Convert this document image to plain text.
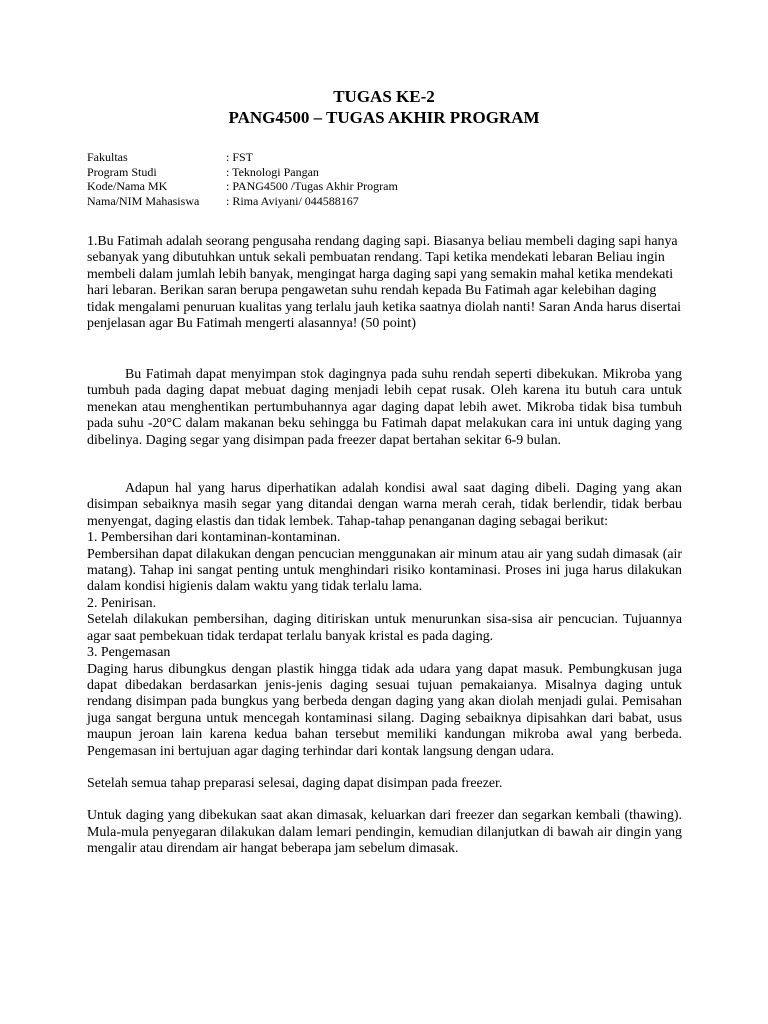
TUGAS KE-2
PANG4500 – TUGAS AKHIR PROGRAM
Fakultas	: FST
Program Studi	: Teknologi Pangan
Kode/Nama MK	: PANG4500 /Tugas Akhir Program
Nama/NIM Mahasiswa	: Rima Aviyani/ 044588167

1.Bu Fatimah adalah seorang pengusaha rendang daging sapi. Biasanya beliau membeli daging sapi hanya sebanyak yang dibutuhkan untuk sekali pembuatan rendang. Tapi ketika mendekati lebaran Beliau ingin membeli dalam jumlah lebih banyak, mengingat harga daging sapi yang semakin mahal ketika mendekati hari lebaran. Berikan saran berupa pengawetan suhu rendah kepada Bu Fatimah agar kelebihan daging tidak mengalami penuruan kualitas yang terlalu jauh ketika saatnya diolah nanti! Saran Anda harus disertai penjelasan agar Bu Fatimah mengerti alasannya! (50 point)

Bu Fatimah dapat menyimpan stok dagingnya pada suhu rendah seperti dibekukan. Mikroba yang tumbuh pada daging dapat mebuat daging menjadi lebih cepat rusak. Oleh karena itu butuh cara untuk menekan atau menghentikan pertumbuhannya agar daging dapat lebih awet. Mikroba tidak bisa tumbuh pada suhu -20°C dalam makanan beku sehingga bu Fatimah dapat melakukan cara ini untuk daging yang dibelinya. Daging segar yang disimpan pada freezer dapat bertahan sekitar 6-9 bulan.

Adapun hal yang harus diperhatikan adalah kondisi awal saat daging dibeli. Daging yang akan disimpan sebaiknya masih segar yang ditandai dengan warna merah cerah, tidak berlendir, tidak berbau menyengat, daging elastis dan tidak lembek. Tahap-tahap penanganan daging sebagai berikut:

1. Pembersihan dari kontaminan-kontaminan.

Pembersihan dapat dilakukan dengan pencucian menggunakan air minum atau air yang sudah dimasak (air matang). Tahap ini sangat penting untuk menghindari risiko kontaminasi. Proses ini juga harus dilakukan dalam kondisi higienis dalam waktu yang tidak terlalu lama.

2. Penirisan.

Setelah dilakukan pembersihan, daging ditiriskan untuk menurunkan sisa-sisa air pencucian. Tujuannya agar saat pembekuan tidak terdapat terlalu banyak kristal es pada daging.

3. Pengemasan

Daging harus dibungkus dengan plastik hingga tidak ada udara yang dapat masuk. Pembungkusan juga dapat dibedakan berdasarkan jenis-jenis daging sesuai tujuan pemakaianya. Misalnya daging untuk rendang disimpan pada bungkus yang berbeda dengan daging yang akan diolah menjadi gulai. Pemisahan juga sangat berguna untuk mencegah kontaminasi silang. Daging sebaiknya dipisahkan dari babat, usus maupun jeroan lain karena kedua bahan tersebut memiliki kandungan mikroba awal yang berbeda. Pengemasan ini bertujuan agar daging terhindar dari kontak langsung dengan udara.

Setelah semua tahap preparasi selesai, daging dapat disimpan pada freezer.

Untuk daging yang dibekukan saat akan dimasak, keluarkan dari freezer dan segarkan kembali (thawing). Mula-mula penyegaran dilakukan dalam lemari pendingin, kemudian dilanjutkan di bawah air dingin yang mengalir atau direndam air hangat beberapa jam sebelum dimasak.
